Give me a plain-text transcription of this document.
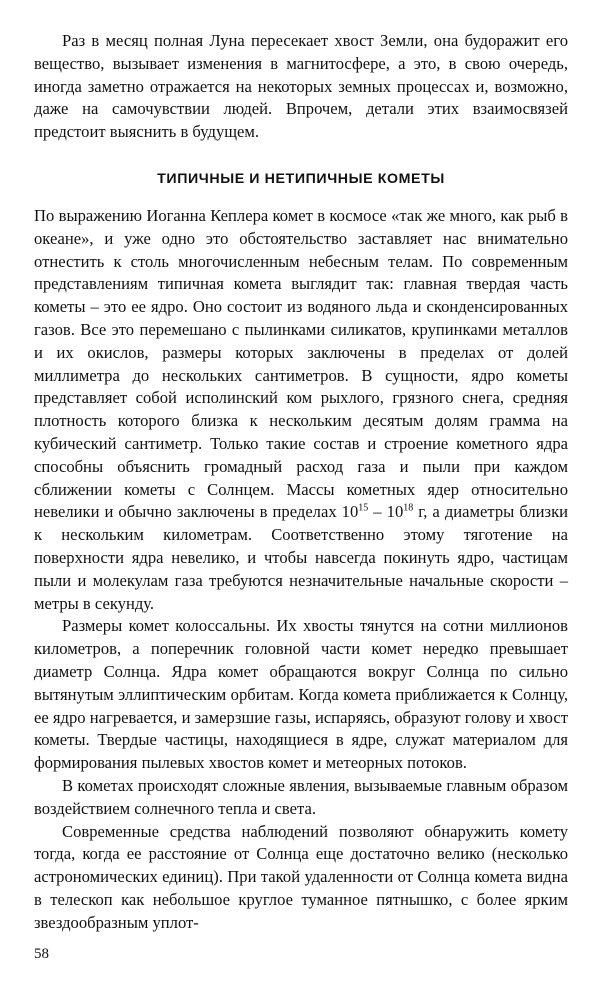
Раз в месяц полная Луна пересекает хвост Земли, она будоражит его вещество, вызывает изменения в магнитосфере, а это, в свою очередь, иногда заметно отражается на некоторых земных процессах и, возможно, даже на самочувствии людей. Впрочем, детали этих взаимосвязей предстоит выяснить в будущем.

ТИПИЧНЫЕ И НЕТИПИЧНЫЕ КОМЕТЫ

По выражению Иоганна Кеплера комет в космосе «так же много, как рыб в океане», и уже одно это обстоятельство заставляет нас внимательно отнестить к столь многочисленным небесным телам. По современным представлениям типичная комета выглядит так: главная твердая часть кометы – это ее ядро. Оно состоит из водяного льда и сконденсированных газов. Все это перемешано с пылинками силикатов, крупинками металлов и их окислов, размеры которых заключены в пределах от долей миллиметра до нескольких сантиметров. В сущности, ядро кометы представляет собой исполинский ком рыхлого, грязного снега, средняя плотность которого близка к нескольким десятым долям грамма на кубический сантиметр. Только такие состав и строение кометного ядра способны объяснить громадный расход газа и пыли при каждом сближении кометы с Солнцем. Массы кометных ядер относительно невелики и обычно заключены в пределах $10^{15} - 10^{18}$ г, а диаметры близки к нескольким километрам. Соответственно этому тяготение на поверхности ядра невелико, и чтобы навсегда покинуть ядро, частицам пыли и молекулам газа требуются незначительные начальные скорости – метры в секунду.

Размеры комет колоссальны. Их хвосты тянутся на сотни миллионов километров, а поперечник головной части комет нередко превышает диаметр Солнца. Ядра комет обращаются вокруг Солнца по сильно вытянутым эллиптическим орбитам. Когда комета приближается к Солнцу, ее ядро нагревается, и замерзшие газы, испаряясь, образуют голову и хвост кометы. Твердые частицы, находящиеся в ядре, служат материалом для формирования пылевых хвостов комет и метеорных потоков.

В кометах происходят сложные явления, вызываемые главным образом воздействием солнечного тепла и света.

Современные средства наблюдений позволяют обнаружить комету тогда, когда ее расстояние от Солнца еще достаточно велико (несколько астрономических единиц). При такой удаленности от Солнца комета видна в телескоп как небольшое круглое туманное пятнышко, с более ярким звездообразным уплот-

58
